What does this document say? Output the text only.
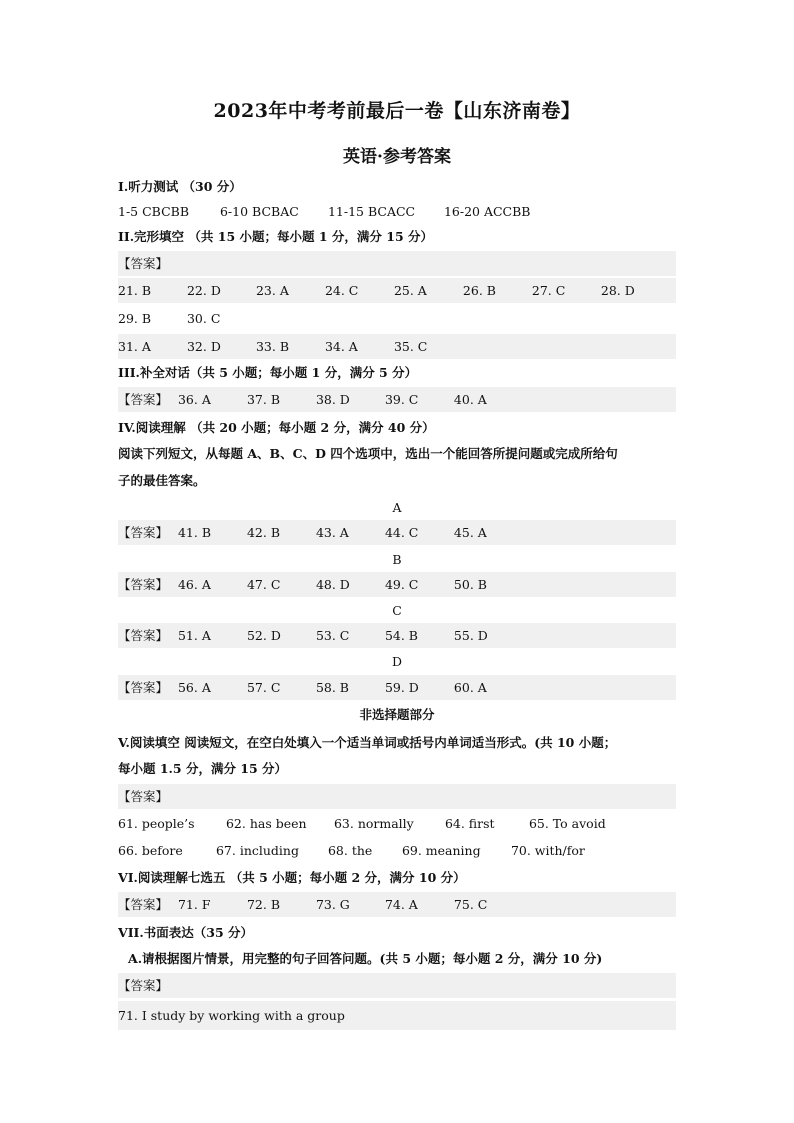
2023年中考考前最后一卷【山东济南卷】
英语·参考答案
I.听力测试 （30 分）
1-5 CBCBB 6-10 BCBAC 11-15 BCACC 16-20 ACCBB
II.完形填空 （共 15 小题；每小题 1 分，满分 15 分）
【答案】
21. B	22. D	23. A	24. C	25. A	26. B	27. C	28. D
29. B	30. C
31. A	32. D	33. B	34. A	35. C
III.补全对话（共 5 小题；每小题 1 分，满分 5 分）
【答案】 36. A	37. B	38. D	39. C	40. A
IV.阅读理解 （共 20 小题；每小题 2 分，满分 40 分）
阅读下列短文，从每题 A、B、C、D 四个选项中，选出一个能回答所提问题或完成所给句
子的最佳答案。
A
【答案】 41. B	42. B	43. A	44. C	45. A
B
【答案】 46. A	47. C	48. D	49. C	50. B
C
【答案】 51. A	52. D	53. C	54. B	55. D
D
【答案】 56. A	57. C	58. B	59. D	60. A
非选择题部分
V.阅读填空 阅读短文，在空白处填入一个适当单词或括号内单词适当形式。(共 10 小题；
每小题 1.5 分，满分 15 分）
【答案】
61. people’s	62. has been 63. normally 64. first	65. To avoid
66. before	67. including 68. the 69. meaning 70. with/for
VI.阅读理解七选五 （共 5 小题；每小题 2 分，满分 10 分）
【答案】 71. F	72. B	73. G	74. A	75. C
VII.书面表达（35 分）
A.请根据图片情景，用完整的句子回答问题。(共 5 小题；每小题 2 分，满分 10 分)
【答案】
71. I study by working with a group
